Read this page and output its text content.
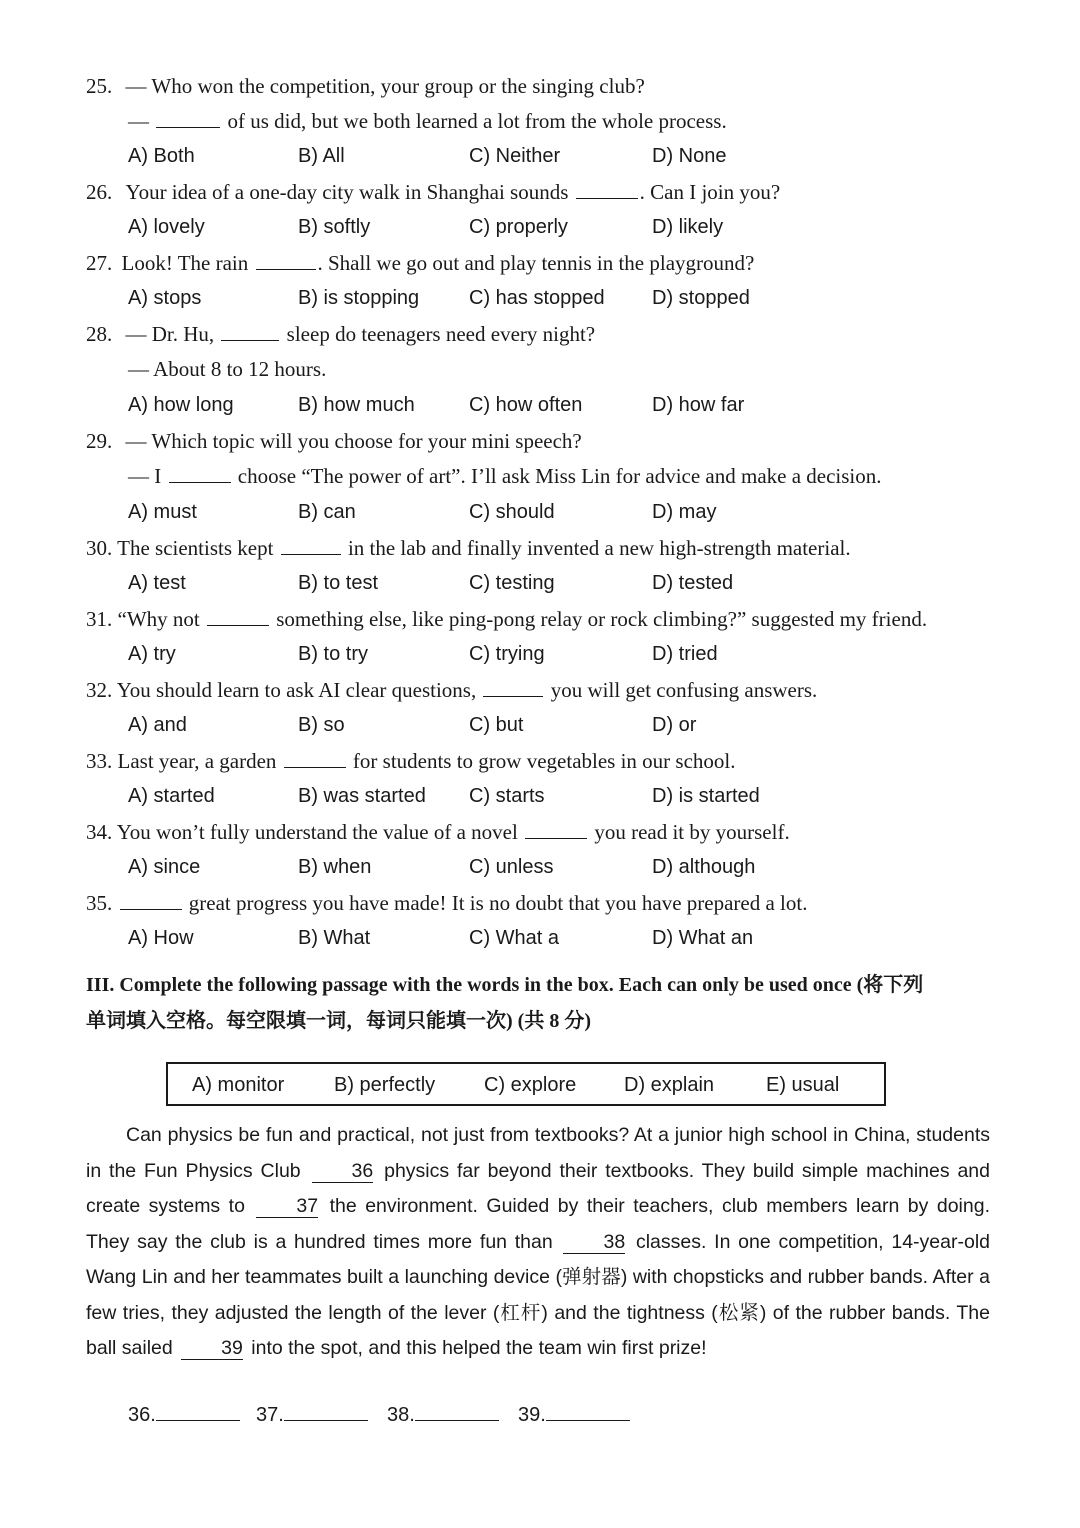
25. — Who won the competition, your group or the singing club?
—	of us did, but we both learned a lot from the whole process.
A) Both	B) All	C) Neither	D) None
26. Your idea of a one-day city walk in Shanghai sounds	. Can I join you?
A) lovely	B) softly	C) properly	D) likely
27. Look! The rain	. Shall we go out and play tennis in the playground?
A) stops	B) is stopping C) has stopped D) stopped
28. — Dr. Hu,	sleep do teenagers need every night?
— About 8 to 12 hours.
A) how long	B) how much	C) how often	D) how far
29. — Which topic will you choose for your mini speech?
— I	choose “The power of art”. I’ll ask Miss Lin for advice and make a decision.
A) must	B) can	C) should	D) may
30. The scientists kept	in the lab and finally invented a new high-strength material.
A) test	B) to test	C) testing	D) tested
31. “Why not	something else, like ping-pong relay or rock climbing?” suggested my friend.
A) try	B) to try	C) trying	D) tried
32. You should learn to ask AI clear questions,	you will get confusing answers.
A) and	B) so	C) but	D) or
33. Last year, a garden	for students to grow vegetables in our school.
A) started	B) was started C) starts	D) is started
34. You won’t fully understand the value of a novel	you read it by yourself.
A) since	B) when	C) unless	D) although
35.	great progress you have made! It is no doubt that you have prepared a lot.
A) How	B) What	C) What a	D) What an
III. Complete the following passage with the words in the box. Each can only be used once (将下列
单词填入空格。每空限填一词，每词只能填一次) (共 8 分)
A) monitor B) perfectly C) explore D) explain	E) usual
Can physics be fun and practical, not just from textbooks? At a junior high school in China, students in the Fun Physics Club	36 physics far beyond their textbooks. They build simple machines and create systems to	37 the environment. Guided by their teachers, club members learn by doing. They say the club is a hundred times more fun than	38 classes. In one competition, 14-year-old Wang Lin and her teammates built a launching device (弹射器) with chopsticks and rubber bands. After a few tries, they adjusted the length of the lever (杠杆) and the tightness (松紧) of the rubber bands. The ball sailed 39 into the spot, and this helped the team win first prize!
36.	37.	38.	39.
